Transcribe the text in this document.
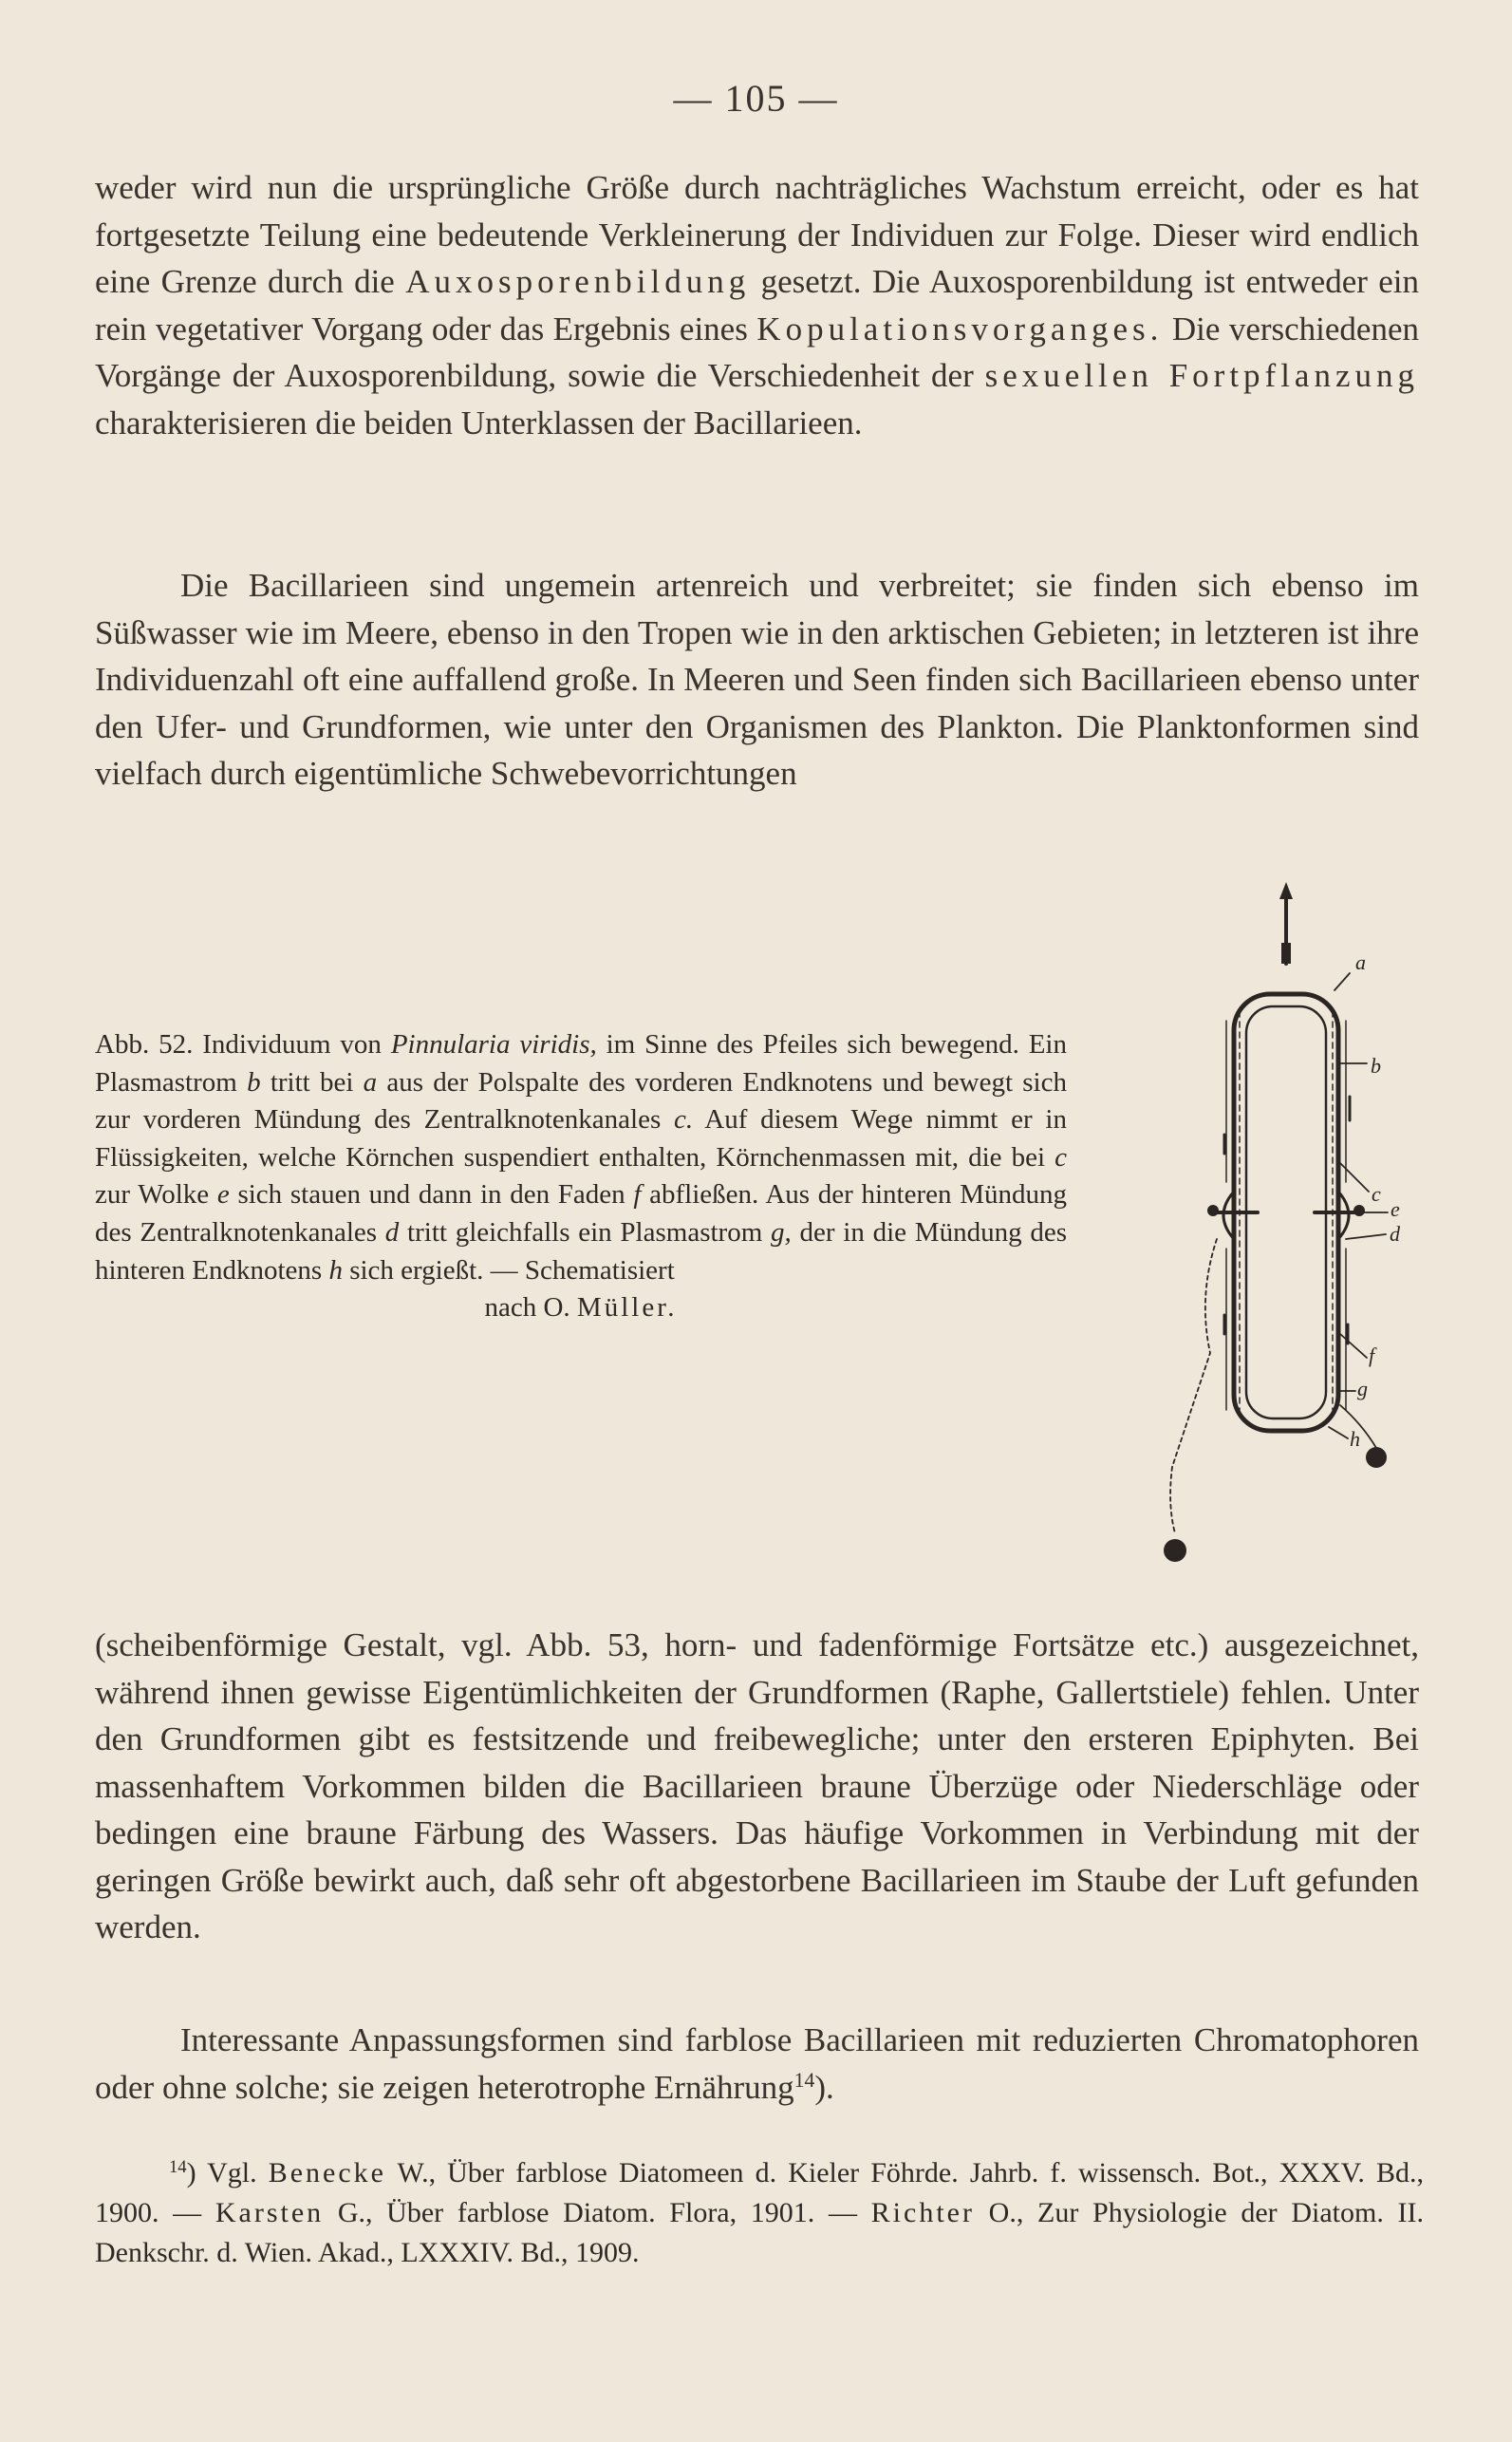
— 105 —

weder wird nun die ursprüngliche Größe durch nachträgliches Wachstum erreicht, oder es hat fortgesetzte Teilung eine bedeutende Verkleinerung der Individuen zur Folge. Dieser wird endlich eine Grenze durch die Auxosporenbildung gesetzt. Die Auxosporenbildung ist entweder ein rein vegetativer Vorgang oder das Ergebnis eines Kopulationsvorganges. Die verschiedenen Vorgänge der Auxosporenbildung, sowie die Verschiedenheit der sexuellen Fortpflanzung charakterisieren die beiden Unterklassen der Bacillarieen.

Die Bacillarieen sind ungemein artenreich und verbreitet; sie finden sich ebenso im Süßwasser wie im Meere, ebenso in den Tropen wie in den arktischen Gebieten; in letzteren ist ihre Individuenzahl oft eine auffallend große. In Meeren und Seen finden sich Bacillarieen ebenso unter den Ufer- und Grundformen, wie unter den Organismen des Plankton. Die Planktonformen sind vielfach durch eigentümliche Schwebevorrichtungen

Abb. 52. Individuum von Pinnularia viridis, im Sinne des Pfeiles sich bewegend. Ein Plasmastrom b tritt bei a aus der Polspalte des vorderen Endknotens und bewegt sich zur vorderen Mündung des Zentralknotenkanales c. Auf diesem Wege nimmt er in Flüssigkeiten, welche Körnchen suspendiert enthalten, Körnchenmassen mit, die bei c zur Wolke e sich stauen und dann in den Faden f abfließen. Aus der hinteren Mündung des Zentralknotenkanales d tritt gleichfalls ein Plasmastrom g, der in die Mündung des hinteren Endknotens h sich ergießt. — Schematisiert

nach O. Müller.

a
b
c
e
d
f
g
h

(scheibenförmige Gestalt, vgl. Abb. 53, horn- und fadenförmige Fortsätze etc.) ausgezeichnet, während ihnen gewisse Eigentümlichkeiten der Grundformen (Raphe, Gallertstiele) fehlen. Unter den Grundformen gibt es festsitzende und freibewegliche; unter den ersteren Epiphyten. Bei massenhaftem Vorkommen bilden die Bacillarieen braune Überzüge oder Niederschläge oder bedingen eine braune Färbung des Wassers. Das häufige Vorkommen in Verbindung mit der geringen Größe bewirkt auch, daß sehr oft abgestorbene Bacillarieen im Staube der Luft gefunden werden.

Interessante Anpassungsformen sind farblose Bacillarieen mit reduzierten Chromatophoren oder ohne solche; sie zeigen heterotrophe Ernährung$^{14}$).

$^{14}$) Vgl. Benecke W., Über farblose Diatomeen d. Kieler Föhrde. Jahrb. f. wissensch. Bot., XXXV. Bd., 1900. — Karsten G., Über farblose Diatom. Flora, 1901. — Richter O., Zur Physiologie der Diatom. II. Denkschr. d. Wien. Akad., LXXXIV. Bd., 1909.
